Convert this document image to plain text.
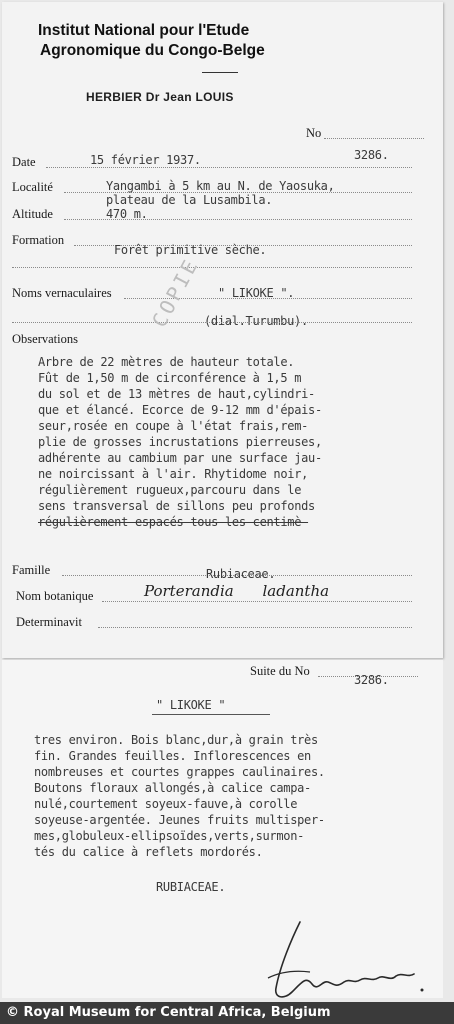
Institut National pour l'Etude
Agronomique du Congo-Belge
HERBIER Dr Jean LOUIS
No
3286.
Date	15 février 1937.
Localité	Yangambi à 5 km au N. de Yaosuka,
plateau de la Lusambila.
Altitude	470 m.
Formation
Forêt primitive sèche.
Noms vernaculaires	" LIKOKE ".
(dial.Turumbu).
Observations
Arbre de 22 mètres de hauteur totale.
Fût de 1,50 m de circonférence à 1,5 m
du sol et de 13 mètres de haut,cylindri-
que et élancé. Ecorce de 9-12 mm d'épais-
seur,rosée en coupe à l'état frais,rem-
plie de grosses incrustations pierreuses,
adhérente au cambium par une surface jau-
ne noircissant à l'air. Rhytidome noir,
régulièrement rugueux,parcouru dans le
sens transversal de sillons peu profonds
régulièrement espacés tous les centimè-
Famille	Rubiaceae.
Nom botanique	Porterandia ladantha
Determinavit
COPIE
Suite du No
3286.
" LIKOKE "
tres environ. Bois blanc,dur,à grain très
fin. Grandes feuilles. Inflorescences en
nombreuses et courtes grappes caulinaires.
Boutons floraux allongés,à calice campa-
nulé,courtement soyeux-fauve,à corolle
soyeuse-argentée. Jeunes fruits multisper-
mes,globuleux-ellipsoïdes,verts,surmon-
tés du calice à reflets mordorés.
RUBIACEAE.
© Royal Museum for Central Africa, Belgium
